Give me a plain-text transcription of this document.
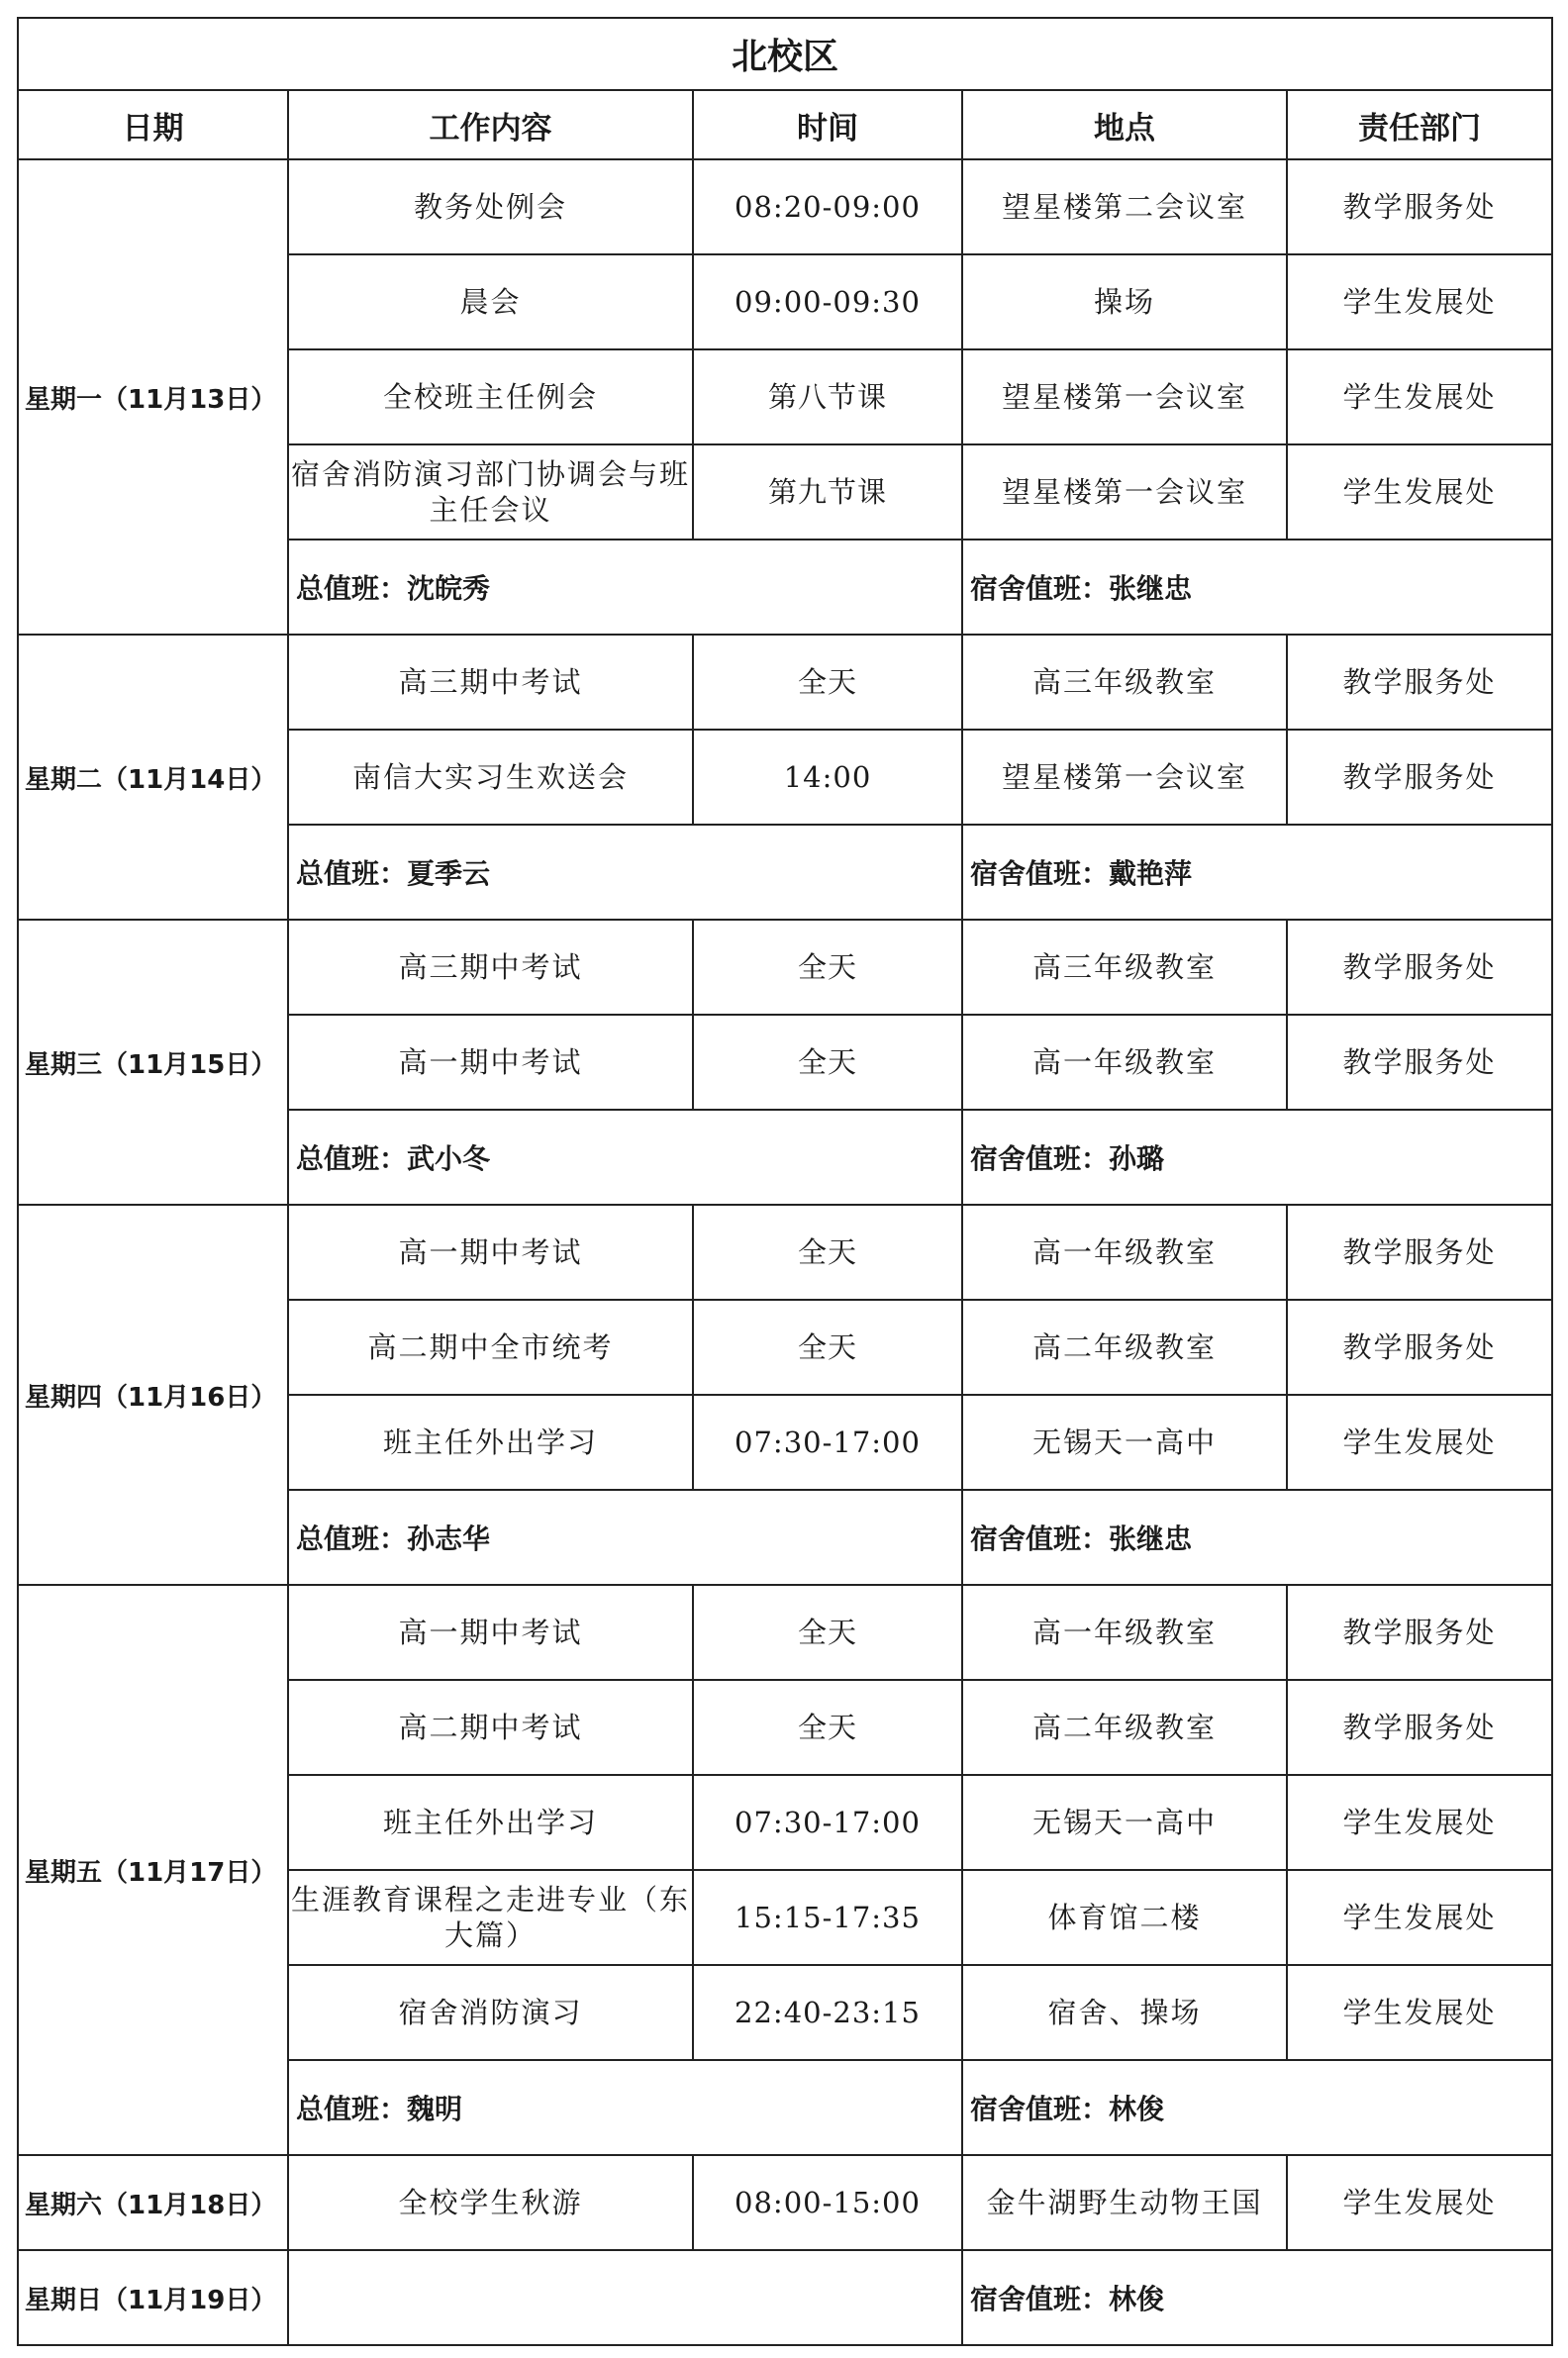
北校区				
日期	工作内容	时间	地点	责任部门
星期一（11月13日）	教务处例会	08:20-09:00	望星楼第二会议室	教学服务处
	晨会	09:00-09:30	操场	学生发展处
	全校班主任例会	第八节课	望星楼第一会议室	学生发展处
	宿舍消防演习部门协调会与班主任会议	第九节课	望星楼第一会议室	学生发展处
	总值班：沈皖秀		宿舍值班：张继忠	
星期二（11月14日）	高三期中考试	全天	高三年级教室	教学服务处
	南信大实习生欢送会	14:00	望星楼第一会议室	教学服务处
	总值班：夏季云		宿舍值班：戴艳萍	
星期三（11月15日）	高三期中考试	全天	高三年级教室	教学服务处
	高一期中考试	全天	高一年级教室	教学服务处
	总值班：武小冬		宿舍值班：孙璐	
星期四（11月16日）	高一期中考试	全天	高一年级教室	教学服务处
	高二期中全市统考	全天	高二年级教室	教学服务处
	班主任外出学习	07:30-17:00	无锡天一高中	学生发展处
	总值班：孙志华		宿舍值班：张继忠	
星期五（11月17日）	高一期中考试	全天	高一年级教室	教学服务处
	高二期中考试	全天	高二年级教室	教学服务处
	班主任外出学习	07:30-17:00	无锡天一高中	学生发展处
	生涯教育课程之走进专业（东大篇）	15:15-17:35	体育馆二楼	学生发展处
	宿舍消防演习	22:40-23:15	宿舍、操场	学生发展处
	总值班：魏明		宿舍值班：林俊	
星期六（11月18日）	全校学生秋游	08:00-15:00	金牛湖野生动物王国	学生发展处
星期日（11月19日）			宿舍值班：林俊	
